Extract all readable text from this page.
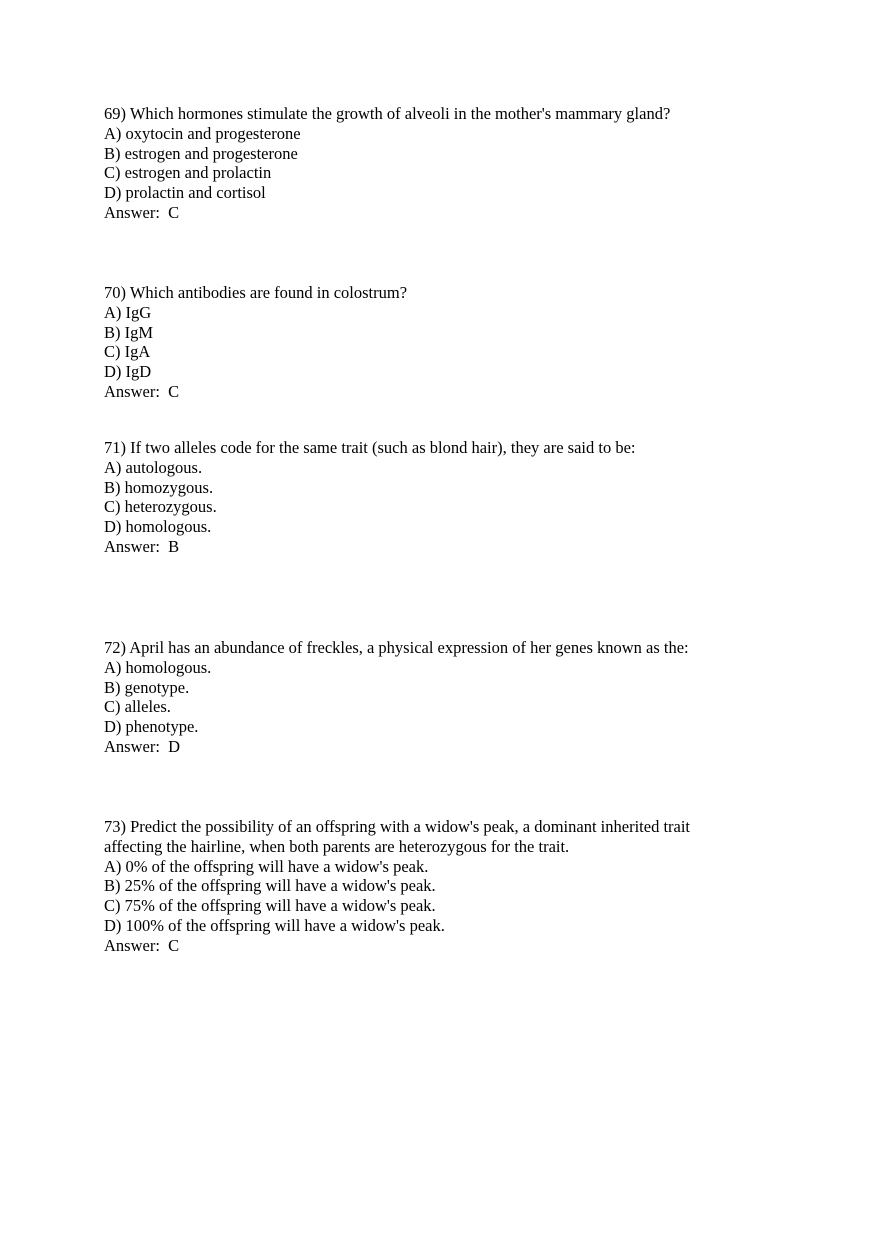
69) Which hormones stimulate the growth of alveoli in the mother's mammary gland?
A) oxytocin and progesterone
B) estrogen and progesterone
C) estrogen and prolactin
D) prolactin and cortisol
Answer:  C
70) Which antibodies are found in colostrum?
A) IgG
B) IgM
C) IgA
D) IgD
Answer:  C
71) If two alleles code for the same trait (such as blond hair), they are said to be:
A) autologous.
B) homozygous.
C) heterozygous.
D) homologous.
Answer:  B
72) April has an abundance of freckles, a physical expression of her genes known as the:
A) homologous.
B) genotype.
C) alleles.
D) phenotype.
Answer:  D
73) Predict the possibility of an offspring with a widow's peak, a dominant inherited trait
affecting the hairline, when both parents are heterozygous for the trait.
A) 0% of the offspring will have a widow's peak.
B) 25% of the offspring will have a widow's peak.
C) 75% of the offspring will have a widow's peak.
D) 100% of the offspring will have a widow's peak.
Answer:  C
